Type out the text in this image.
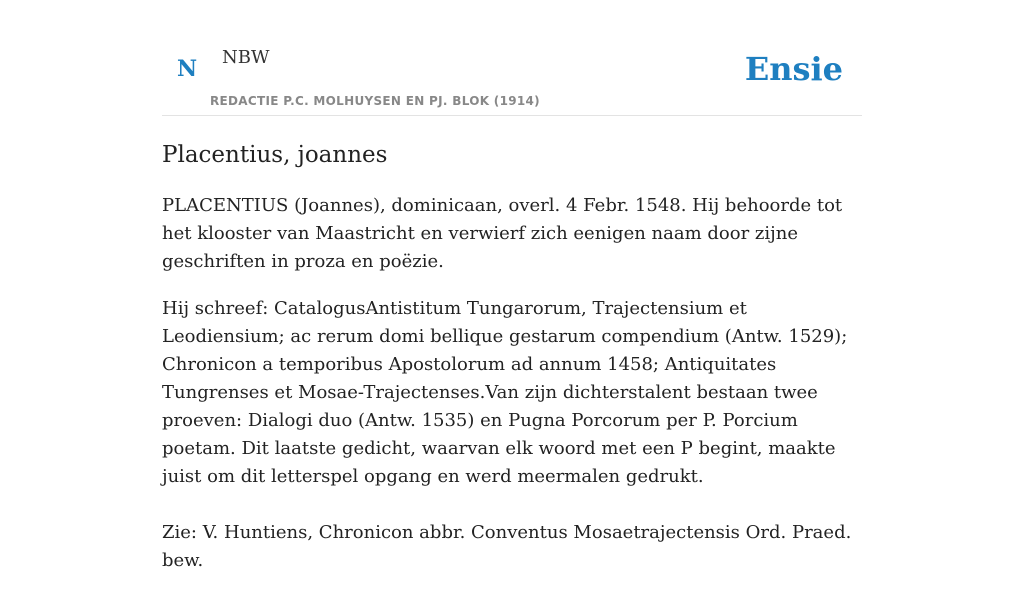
N NBW
REDACTIE P.C. MOLHUYSEN EN PJ. BLOK (1914)
Ensie
Placentius, joannes

PLACENTIUS (Joannes), dominicaan, overl. 4 Febr. 1548. Hij behoorde tot het klooster van Maastricht en verwierf zich eenigen naam door zijne geschriften in proza en poëzie.

Hij schreef: CatalogusAntistitum Tungarorum, Trajectensium et Leodiensium; ac rerum domi bellique gestarum compendium (Antw. 1529); Chronicon a temporibus Apostolorum ad annum 1458; Antiquitates Tungrenses et Mosae-Trajectenses.Van zijn dichterstalent bestaan twee proeven: Dialogi duo (Antw. 1535) en Pugna Porcorum per P. Porcium poetam. Dit laatste gedicht, waarvan elk woord met een P begint, maakte juist om dit letterspel opgang en werd meermalen gedrukt.

Zie: V. Huntiens, Chronicon abbr. Conventus Mosaetrajectensis Ord. Praed. bew.
